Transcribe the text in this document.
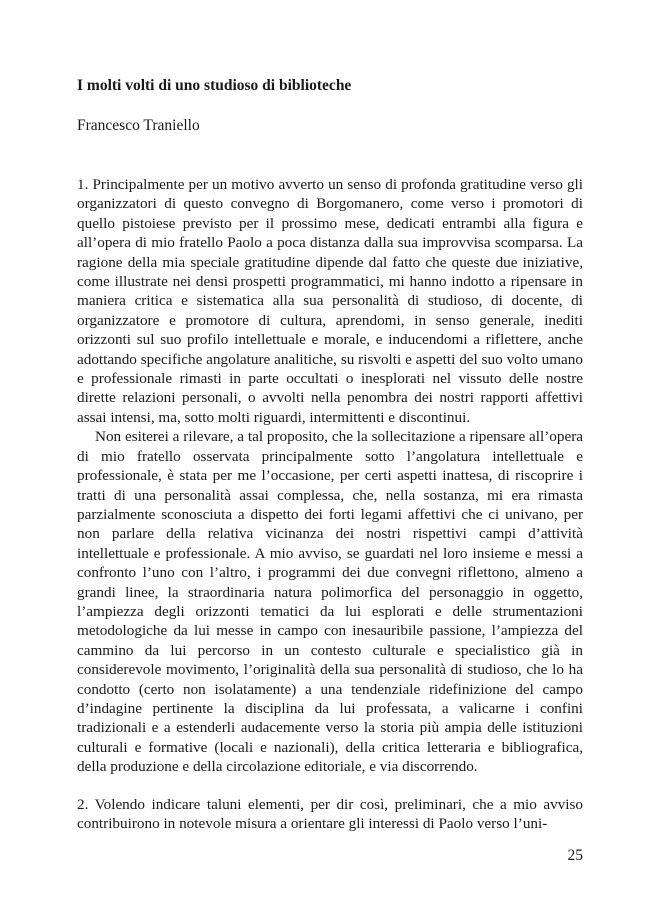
I molti volti di uno studioso di biblioteche

Francesco Traniello

1. Principalmente per un motivo avverto un senso di profonda gratitudine verso gli organizzatori di questo convegno di Borgomanero, come verso i promotori di quello pistoiese previsto per il prossimo mese, dedicati entrambi alla figura e all’opera di mio fratello Paolo a poca distanza dalla sua improvvisa scomparsa. La ragione della mia speciale gratitudine dipende dal fatto che queste due iniziative, come illustrate nei densi prospetti programmatici, mi hanno indotto a ripensare in maniera critica e sistematica alla sua personalità di studioso, di docente, di organizzatore e promotore di cultura, aprendomi, in senso generale, inediti orizzonti sul suo profilo intellettuale e morale, e inducendomi a riflettere, anche adottando specifiche angolature analitiche, su risvolti e aspetti del suo volto umano e professionale rimasti in parte occultati o inesplorati nel vissuto delle nostre dirette relazioni personali, o avvolti nella penombra dei nostri rapporti affettivi assai intensi, ma, sotto molti riguardi, intermittenti e discontinui.

Non esiterei a rilevare, a tal proposito, che la sollecitazione a ripensare all’opera di mio fratello osservata principalmente sotto l’angolatura intellettuale e professionale, è stata per me l’occasione, per certi aspetti inattesa, di riscoprire i tratti di una personalità assai complessa, che, nella sostanza, mi era rimasta parzialmente sconosciuta a dispetto dei forti legami affettivi che ci univano, per non parlare della relativa vicinanza dei nostri rispettivi campi d’attività intellettuale e professionale. A mio avviso, se guardati nel loro insieme e messi a confronto l’uno con l’altro, i programmi dei due convegni riflettono, almeno a grandi linee, la straordinaria natura polimorfica del personaggio in oggetto, l’ampiezza degli orizzonti tematici da lui esplorati e delle strumentazioni metodologiche da lui messe in campo con inesauribile passione, l’ampiezza del cammino da lui percorso in un contesto culturale e specialistico già in considerevole movimento, l’originalità della sua personalità di studioso, che lo ha condotto (certo non isolatamente) a una tendenziale ridefinizione del campo d’indagine pertinente la disciplina da lui professata, a valicarne i confini tradizionali e a estenderli audacemente verso la storia più ampia delle istituzioni culturali e formative (locali e nazionali), della critica letteraria e bibliografica, della produzione e della circolazione editoriale, e via discorrendo.

2. Volendo indicare taluni elementi, per dir così, preliminari, che a mio avviso contribuirono in notevole misura a orientare gli interessi di Paolo verso l’uni-

25
